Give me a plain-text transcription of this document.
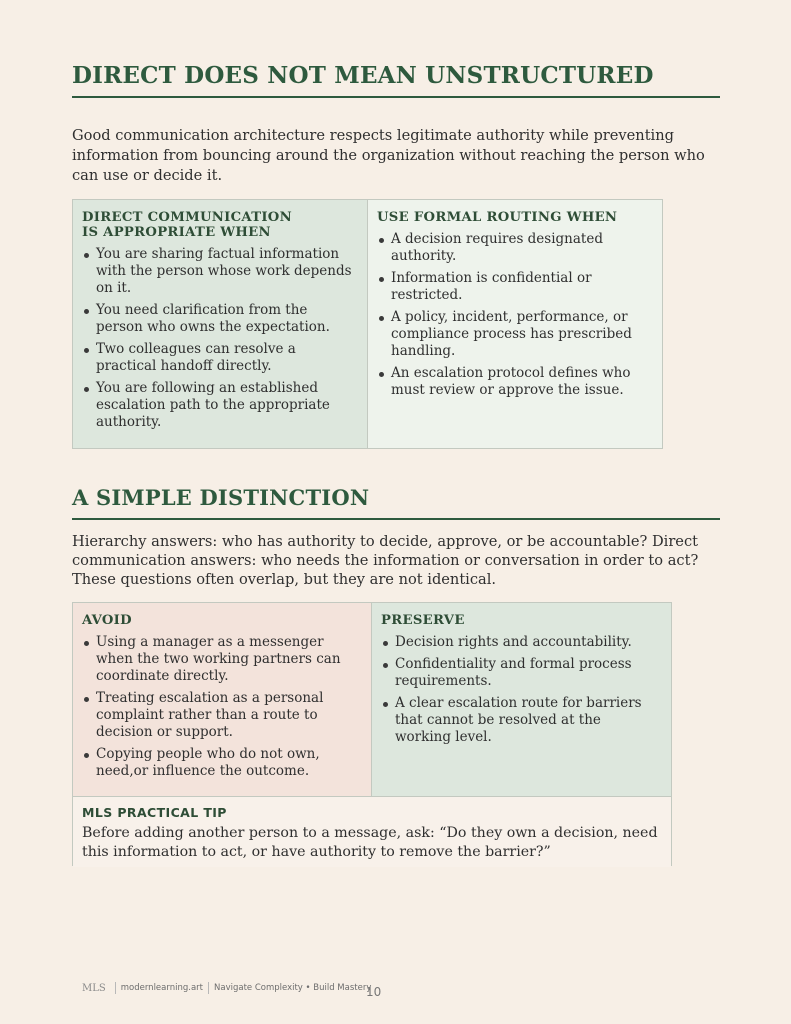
DIRECT DOES NOT MEAN UNSTRUCTURED

Good communication architecture respects legitimate authority while preventing information from bouncing around the organization without reaching the person who can use or decide it.

DIRECT COMMUNICATION
IS APPROPRIATE WHEN
You are sharing factual information with the person whose work depends on it.
You need clarification from the person who owns the expectation.
Two colleagues can resolve a practical handoff directly.
You are following an established escalation path to the appropriate authority.
USE FORMAL ROUTING WHEN
A decision requires designated authority.
Information is confidential or restricted.
A policy, incident, performance, or compliance process has prescribed handling.
An escalation protocol defines who must review or approve the issue.
A SIMPLE DISTINCTION

Hierarchy answers: who has authority to decide, approve, or be accountable? Direct communication answers: who needs the information or conversation in order to act? These questions often overlap, but they are not identical.

AVOID
Using a manager as a messenger when the two working partners can coordinate directly.
Treating escalation as a personal complaint rather than a route to decision or support.
Copying people who do not own, need,or influence the outcome.
PRESERVE
Decision rights and accountability.
Confidentiality and formal process requirements.
A clear escalation route for barriers that cannot be resolved at the working level.
MLS PRACTICAL TIP

Before adding another person to a message, ask: “Do they own a decision, need this information to act, or have authority to remove the barrier?”

MLS modernlearning.art Navigate Complexity • Build Mastery
10
